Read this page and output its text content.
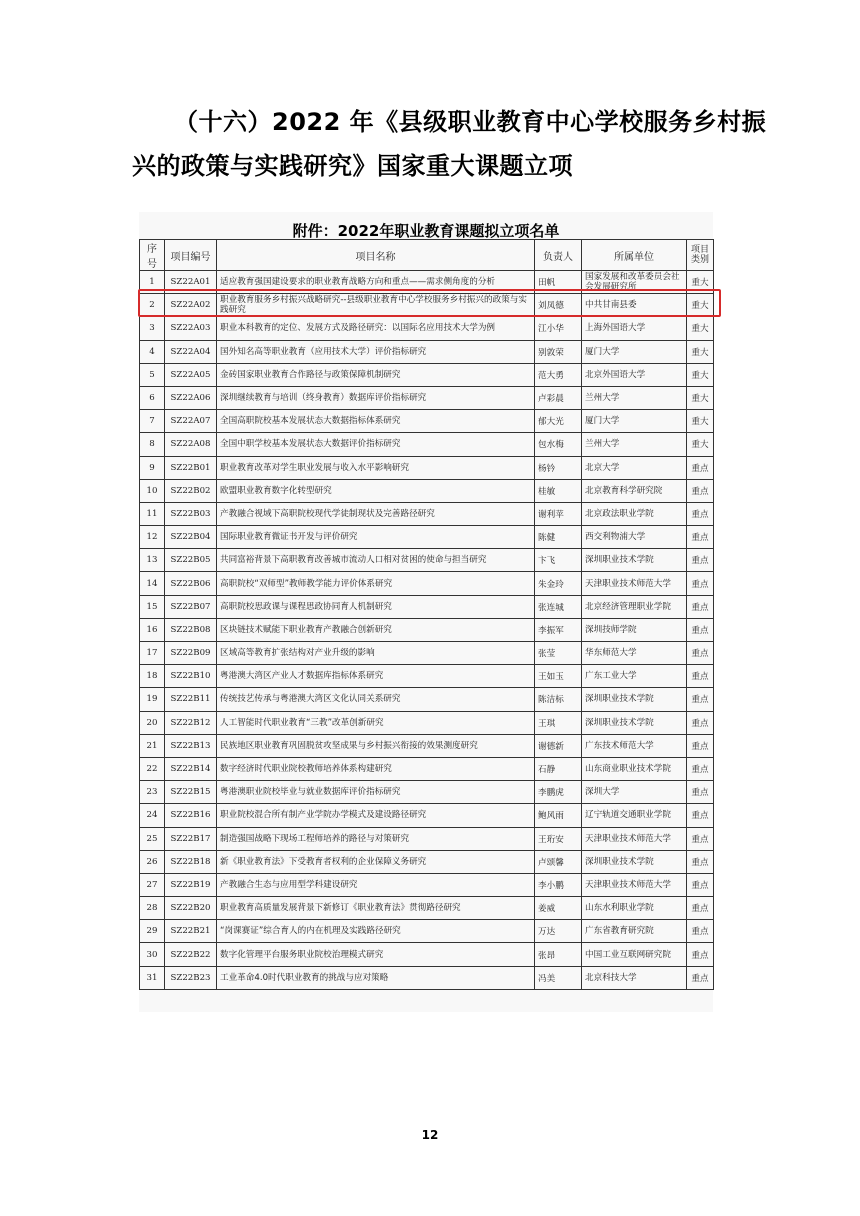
（十六）2022 年《县级职业教育中心学校服务乡村振兴的政策与实践研究》国家重大课题立项
附件：2022年职业教育课题拟立项名单
序号	项目编号	项目名称	负责人	所属单位	项目类别
1	SZ22A01	适应教育强国建设要求的职业教育战略方向和重点——需求侧角度的分析	田帆	国家发展和改革委员会社会发展研究所	重大
2	SZ22A02	职业教育服务乡村振兴战略研究--县级职业教育中心学校服务乡村振兴的政策与实践研究	刘凤德	中共甘南县委	重大
3	SZ22A03	职业本科教育的定位、发展方式及路径研究：以国际名应用技术大学为例	江小华	上海外国语大学	重大
4	SZ22A04	国外知名高等职业教育（应用技术大学）评价指标研究	别敦荣	厦门大学	重大
5	SZ22A05	金砖国家职业教育合作路径与政策保障机制研究	范大勇	北京外国语大学	重大
6	SZ22A06	深圳继续教育与培训（终身教育）数据库评价指标研究	卢彩晨	兰州大学	重大
7	SZ22A07	全国高职院校基本发展状态大数据指标体系研究	郁大光	厦门大学	重大
8	SZ22A08	全国中职学校基本发展状态大数据评价指标研究	包水梅	兰州大学	重大
9	SZ22B01	职业教育改革对学生职业发展与收入水平影响研究	杨钤	北京大学	重点
10	SZ22B02	欧盟职业教育数字化转型研究	桂敏	北京教育科学研究院	重点
11	SZ22B03	产教融合视域下高职院校现代学徒制现状及完善路径研究	谢利苹	北京政法职业学院	重点
12	SZ22B04	国际职业教育微证书开发与评价研究	陈健	西交利物浦大学	重点
13	SZ22B05	共同富裕背景下高职教育改善城市流动人口相对贫困的使命与担当研究	卞飞	深圳职业技术学院	重点
14	SZ22B06	高职院校“双师型”教师教学能力评价体系研究	朱金玲	天津职业技术师范大学	重点
15	SZ22B07	高职院校思政课与课程思政协同育人机制研究	张连城	北京经济管理职业学院	重点
16	SZ22B08	区块链技术赋能下职业教育产教融合创新研究	李振军	深圳技师学院	重点
17	SZ22B09	区域高等教育扩张结构对产业升级的影响	张莹	华东师范大学	重点
18	SZ22B10	粤港澳大湾区产业人才数据库指标体系研究	王如玉	广东工业大学	重点
19	SZ22B11	传统技艺传承与粤港澳大湾区文化认同关系研究	陈洁标	深圳职业技术学院	重点
20	SZ22B12	人工智能时代职业教育“三教”改革创新研究	王琪	深圳职业技术学院	重点
21	SZ22B13	民族地区职业教育巩固脱贫攻坚成果与乡村振兴衔接的效果测度研究	谢德新	广东技术师范大学	重点
22	SZ22B14	数字经济时代职业院校教师培养体系构建研究	石静	山东商业职业技术学院	重点
23	SZ22B15	粤港澳职业院校毕业与就业数据库评价指标研究	李鹏虎	深圳大学	重点
24	SZ22B16	职业院校混合所有制产业学院办学模式及建设路径研究	鲍风雨	辽宁轨道交通职业学院	重点
25	SZ22B17	制造强国战略下现场工程师培养的路径与对策研究	王珩安	天津职业技术师范大学	重点
26	SZ22B18	新《职业教育法》下受教育者权利的企业保障义务研究	卢颂馨	深圳职业技术学院	重点
27	SZ22B19	产教融合生态与应用型学科建设研究	李小鹏	天津职业技术师范大学	重点
28	SZ22B20	职业教育高质量发展背景下新修订《职业教育法》贯彻路径研究	姜威	山东水利职业学院	重点
29	SZ22B21	“岗课赛证”综合育人的内在机理及实践路径研究	万达	广东省教育研究院	重点
30	SZ22B22	数字化管理平台服务职业院校治理模式研究	张昂	中国工业互联网研究院	重点
31	SZ22B23	工业革命4.0时代职业教育的挑战与应对策略	冯美	北京科技大学	重点
12
